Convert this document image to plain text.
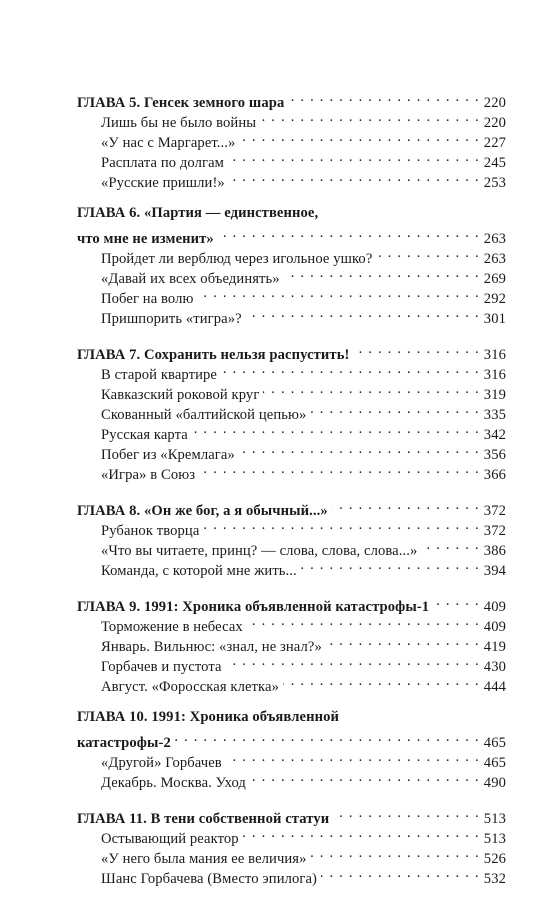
ГЛАВА 5. Генсек земного шара . . .	220
Лишь бы не было войны . . .	220
«У нас с Маргарет...» . . .	227
Расплата по долгам . . .	245
«Русские пришли!» . . .	253
ГЛАВА 6. «Партия — единственное,
что мне не изменит» . . .	263
Пройдет ли верблюд через игольное ушко? . . .	263
«Давай их всех объединять» . . .	269
Побег на волю . . .	292
Пришпорить «тигра»? . . .	301
ГЛАВА 7. Сохранить нельзя распустить! . . .	316
В старой квартире . . .	316
Кавказский роковой круг . . .	319
Скованный «балтийской цепью» . . .	335
Русская карта . . .	342
Побег из «Кремлага» . . .	356
«Игра» в Союз . . .	366
ГЛАВА 8. «Он же бог, а я обычный...» . . .	372
Рубанок творца . . .	372
«Что вы читаете, принц? — слова, слова, слова...» . . .	386
Команда, с которой мне жить... . . .	394
ГЛАВА 9. 1991: Хроника объявленной катастрофы-1 . . .	409
Торможение в небесах . . .	409
Январь. Вильнюс: «знал, не знал?» . . .	419
Горбачев и пустота . . .	430
Август. «Форосская клетка» . . .	444
ГЛАВА 10. 1991: Хроника объявленной
катастрофы-2 . . .	465
«Другой» Горбачев . . .	465
Декабрь. Москва. Уход . . .	490
ГЛАВА 11. В тени собственной статуи . . .	513
Остывающий реактор . . .	513
«У него была мания ее величия» . . .	526
Шанс Горбачева (Вместо эпилога) . . .	532
